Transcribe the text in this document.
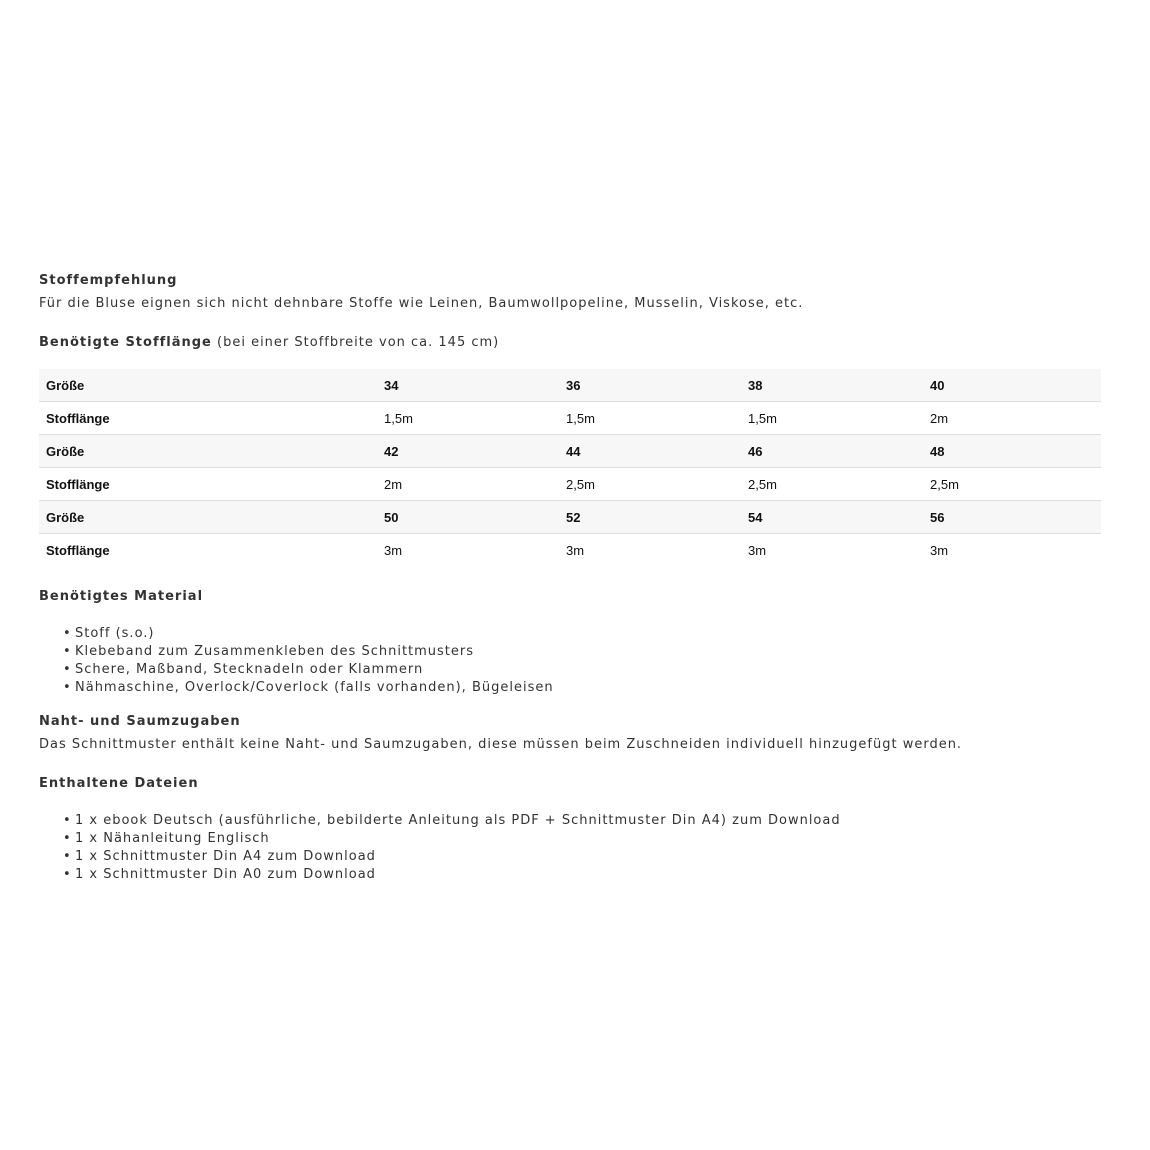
Stoffempfehlung

Für die Bluse eignen sich nicht dehnbare Stoffe wie Leinen, Baumwollpopeline, Musselin, Viskose, etc.

Benötigte Stofflänge (bei einer Stoffbreite von ca. 145 cm)

Größe	34	36	38	40
Stofflänge	1,5m	1,5m	1,5m	2m
Größe	42	44	46	48
Stofflänge	2m	2,5m	2,5m	2,5m
Größe	50	52	54	56
Stofflänge	3m	3m	3m	3m

Benötigtes Material

• Stoff (s.o.)
• Klebeband zum Zusammenkleben des Schnittmusters
• Schere, Maßband, Stecknadeln oder Klammern
• Nähmaschine, Overlock/Coverlock (falls vorhanden), Bügeleisen

Naht- und Saumzugaben

Das Schnittmuster enthält keine Naht- und Saumzugaben, diese müssen beim Zuschneiden individuell hinzugefügt werden.

Enthaltene Dateien

• 1 x ebook Deutsch (ausführliche, bebilderte Anleitung als PDF + Schnittmuster Din A4) zum Download
• 1 x Nähanleitung Englisch
• 1 x Schnittmuster Din A4 zum Download
• 1 x Schnittmuster Din A0 zum Download
